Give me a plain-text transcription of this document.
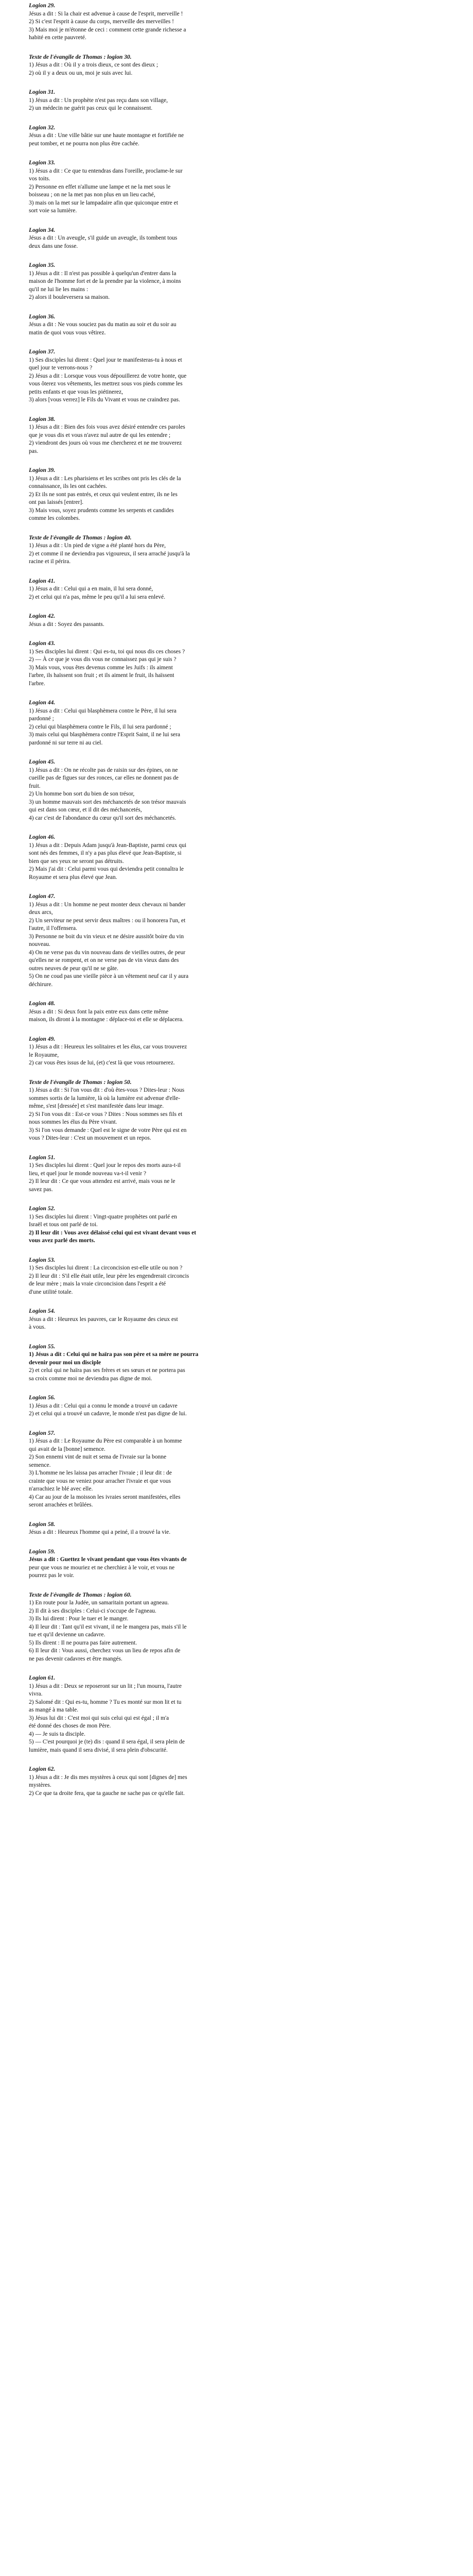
Logion 29.
Jésus a dit : Si la chair est advenue à cause de l'esprit, merveille !
2) Si c'est l'esprit à cause du corps, merveille des merveilles !
3) Mais moi je m'étonne de ceci : comment cette grande richesse a
habité en cette pauvreté.
Texte de l'évangile de Thomas : logion 30.
1) Jésus a dit : Où il y a trois dieux, ce sont des dieux ;
2) où il y a deux ou un, moi je suis avec lui.
Logion 31.
1) Jésus a dit : Un prophète n'est pas reçu dans son village,
2) un médecin ne guérit pas ceux qui le connaissent.
Logion 32.
Jésus a dit : Une ville bâtie sur une haute montagne et fortifiée ne
peut tomber, et ne pourra non plus être cachée.
Logion 33.
1) Jésus a dit : Ce que tu entendras dans l'oreille, proclame-le sur
vos toits.
2) Personne en effet n'allume une lampe et ne la met sous le
boisseau ; on ne la met pas non plus en un lieu caché,
3) mais on la met sur le lampadaire afin que quiconque entre et
sort voie sa lumière.
Logion 34.
Jésus a dit : Un aveugle, s'il guide un aveugle, ils tombent tous
deux dans une fosse.
Logion 35.
1) Jésus a dit : Il n'est pas possible à quelqu'un d'entrer dans la
maison de l'homme fort et de la prendre par la violence, à moins
qu'il ne lui lie les mains :
2) alors il bouleversera sa maison.
Logion 36.
Jésus a dit : Ne vous souciez pas du matin au soir et du soir au
matin de quoi vous vous vêtirez.
Logion 37.
1) Ses disciples lui dirent : Quel jour te manifesteras-tu à nous et
quel jour te verrons-nous ?
2) Jésus a dit : Lorsque vous vous dépouillerez de votre honte, que
vous ôterez vos vêtements, les mettrez sous vos pieds comme les
petits enfants et que vous les piétinerez,
3) alors [vous verrez] le Fils du Vivant et vous ne craindrez pas.
Logion 38.
1) Jésus a dit : Bien des fois vous avez désiré entendre ces paroles
que je vous dis et vous n'avez nul autre de qui les entendre ;
2) viendront des jours où vous me chercherez et ne me trouverez
pas.
Logion 39.
1) Jésus a dit : Les pharisiens et les scribes ont pris les clés de la
connaissance, ils les ont cachées.
2) Et ils ne sont pas entrés, et ceux qui veulent entrer, ils ne les
ont pas laissés [entrer].
3) Mais vous, soyez prudents comme les serpents et candides
comme les colombes.
Texte de l'évangile de Thomas : logion 40.
1) Jésus a dit : Un pied de vigne a été planté hors du Père,
2) et comme il ne deviendra pas vigoureux, il sera arraché jusqu'à la
racine et il périra.
Logion 41.
1) Jésus a dit : Celui qui a en main, il lui sera donné,
2) et celui qui n'a pas, même le peu qu'il a lui sera enlevé.
Logion 42.
Jésus a dit : Soyez des passants.
Logion 43.
1) Ses disciples lui dirent : Qui es-tu, toi qui nous dis ces choses ?
2) — À ce que je vous dis vous ne connaissez pas qui je suis ?
3) Mais vous, vous êtes devenus comme les Juifs : ils aiment
l'arbre, ils haïssent son fruit ; et ils aiment le fruit, ils haïssent
l'arbre.
Logion 44.
1) Jésus a dit : Celui qui blasphèmera contre le Père, il lui sera
pardonné ;
2) celui qui blasphèmera contre le Fils, il lui sera pardonné ;
3) mais celui qui blasphèmera contre l'Esprit Saint, il ne lui sera
pardonné ni sur terre ni au ciel.
Logion 45.
1) Jésus a dit : On ne récolte pas de raisin sur des épines, on ne
cueille pas de figues sur des ronces, car elles ne donnent pas de
fruit.
2) Un homme bon sort du bien de son trésor,
3) un homme mauvais sort des méchancetés de son trésor mauvais
qui est dans son cœur, et il dit des méchancetés,
4) car c'est de l'abondance du cœur qu'il sort des méchancetés.
Logion 46.
1) Jésus a dit : Depuis Adam jusqu'à Jean-Baptiste, parmi ceux qui
sont nés des femmes, il n'y a pas plus élevé que Jean-Baptiste, si
bien que ses yeux ne seront pas détruits.
2) Mais j'ai dit : Celui parmi vous qui deviendra petit connaîtra le
Royaume et sera plus élevé que Jean.
Logion 47.
1) Jésus a dit : Un homme ne peut monter deux chevaux ni bander
deux arcs,
2) Un serviteur ne peut servir deux maîtres : ou il honorera l'un, et
l'autre, il l'offensera.
3) Personne ne boit du vin vieux et ne désire aussitôt boire du vin
nouveau.
4) On ne verse pas du vin nouveau dans de vieilles outres, de peur
qu'elles ne se rompent, et on ne verse pas de vin vieux dans des
outres neuves de peur qu'il ne se gâte.
5) On ne coud pas une vieille pièce à un vêtement neuf car il y aura
déchirure.
Logion 48.
Jésus a dit : Si deux font la paix entre eux dans cette même
maison, ils diront à la montagne : déplace-toi et elle se déplacera.
Logion 49.
1) Jésus a dit : Heureux les solitaires et les élus, car vous trouverez
le Royaume,
2) car vous êtes issus de lui, (et) c'est là que vous retournerez.
Texte de l'évangile de Thomas : logion 50.
1) Jésus a dit : Si l'on vous dit : d'où êtes-vous ? Dites-leur : Nous
sommes sortis de la lumière, là où la lumière est advenue d'elle-
même, s'est [dressée] et s'est manifestée dans leur image.
2) Si l'on vous dit : Est-ce vous ? Dites : Nous sommes ses fils et
nous sommes les élus du Père vivant.
3) Si l'on vous demande : Quel est le signe de votre Père qui est en
vous ? Dites-leur : C'est un mouvement et un repos.
Logion 51.
1) Ses disciples lui dirent : Quel jour le repos des morts aura-t-il
lieu, et quel jour le monde nouveau va-t-il venir ?
2) Il leur dit : Ce que vous attendez est arrivé, mais vous ne le
savez pas.
Logion 52.
1) Ses disciples lui dirent : Vingt-quatre prophètes ont parlé en
Israël et tous ont parlé de toi.
2) Il leur dit : Vous avez délaissé celui qui est vivant devant vous et
vous avez parlé des morts.
Logion 53.
1) Ses disciples lui dirent : La circoncision est-elle utile ou non ?
2) Il leur dit : S'il elle était utile, leur père les engendrerait circoncis
de leur mère ; mais la vraie circoncision dans l'esprit a été
d'une utilité totale.
Logion 54.
Jésus a dit : Heureux les pauvres, car le Royaume des cieux est
à vous.
Logion 55.
1) Jésus a dit : Celui qui ne haïra pas son père et sa mère ne pourra
devenir pour moi un disciple
2) et celui qui ne haïra pas ses frères et ses sœurs et ne portera pas
sa croix comme moi ne deviendra pas digne de moi.
Logion 56.
1) Jésus a dit : Celui qui a connu le monde a trouvé un cadavre
2) et celui qui a trouvé un cadavre, le monde n'est pas digne de lui.
Logion 57.
1) Jésus a dit : Le Royaume du Père est comparable à un homme
qui avait de la [bonne] semence.
2) Son ennemi vint de nuit et sema de l'ivraie sur la bonne
semence.
3) L'homme ne les laissa pas arracher l'ivraie ; il leur dit : de
crainte que vous ne veniez pour arracher l'ivraie et que vous
n'arrachiez le blé avec elle.
4) Car au jour de la moisson les ivraies seront manifestées, elles
seront arrachées et brûlées.
Logion 58.
Jésus a dit : Heureux l'homme qui a peiné, il a trouvé la vie.
Logion 59.
Jésus a dit : Guettez le vivant pendant que vous êtes vivants de
peur que vous ne mouriez et ne cherchiez à le voir, et vous ne
pourrez pas le voir.
Texte de l'évangile de Thomas : logion 60.
1) En route pour la Judée, un samaritain portant un agneau.
2) Il dit à ses disciples : Celui-ci s'occupe de l'agneau.
3) Ils lui dirent : Pour le tuer et le manger.
4) Il leur dit : Tant qu'il est vivant, il ne le mangera pas, mais s'il le
tue et qu'il devienne un cadavre.
5) Ils dirent : Il ne pourra pas faire autrement.
6) Il leur dit : Vous aussi, cherchez vous un lieu de repos afin de
ne pas devenir cadavres et être mangés.
Logion 61.
1) Jésus a dit : Deux se reposeront sur un lit ; l'un mourra, l'autre
vivra.
2) Salomé dit : Qui es-tu, homme ? Tu es monté sur mon lit et tu
as mangé à ma table.
3) Jésus lui dit : C'est moi qui suis celui qui est égal ; il m'a
été donné des choses de mon Père.
4) — Je suis ta disciple.
5) — C'est pourquoi je (te) dis : quand il sera égal, il sera plein de
lumière, mais quand il sera divisé, il sera plein d'obscurité.
Logion 62.
1) Jésus a dit : Je dis mes mystères à ceux qui sont [dignes de] mes
mystères.
2) Ce que ta droite fera, que ta gauche ne sache pas ce qu'elle fait.
